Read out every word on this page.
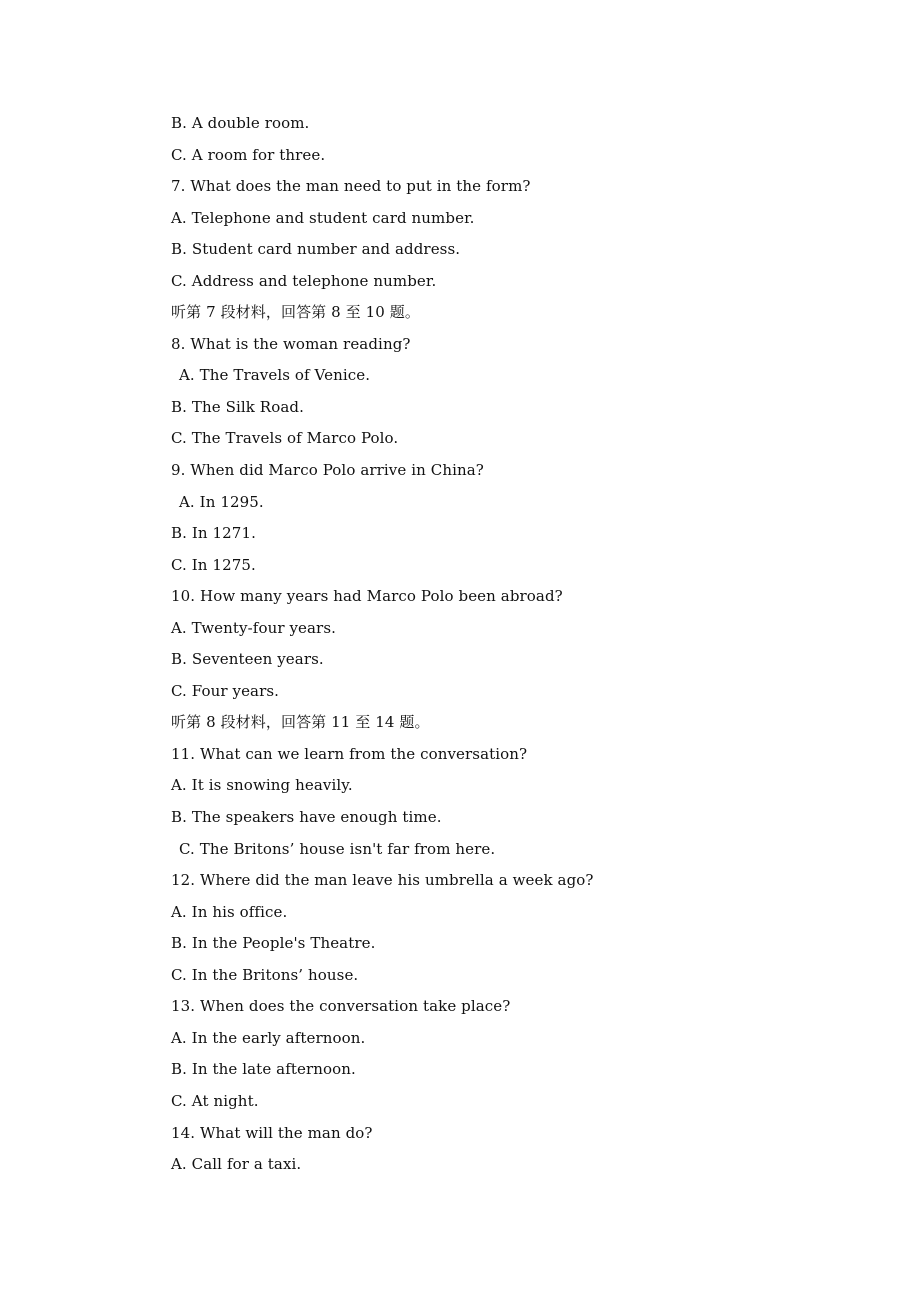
B. A double room.
C. A room for three.
7. What does the man need to put in the form?
A. Telephone and student card number.
B. Student card number and address.
C. Address and telephone number.
听第 7 段材料，回答第 8 至 10 题。
8. What is the woman reading?
A. The Travels of Venice.
B. The Silk Road.
C. The Travels of Marco Polo.
9. When did Marco Polo arrive in China?
A. In 1295.
B. In 1271.
C. In 1275.
10. How many years had Marco Polo been abroad?
A. Twenty-four years.
B. Seventeen years.
C. Four years.
听第 8 段材料，回答第 11 至 14 题。
11. What can we learn from the conversation?
A. It is snowing heavily.
B. The speakers have enough time.
C. The Britons’ house isn't far from here.
12. Where did the man leave his umbrella a week ago?
A. In his office.
B. In the People's Theatre.
C. In the Britons’ house.
13. When does the conversation take place?
A. In the early afternoon.
B. In the late afternoon.
C. At night.
14. What will the man do?
A. Call for a taxi.
